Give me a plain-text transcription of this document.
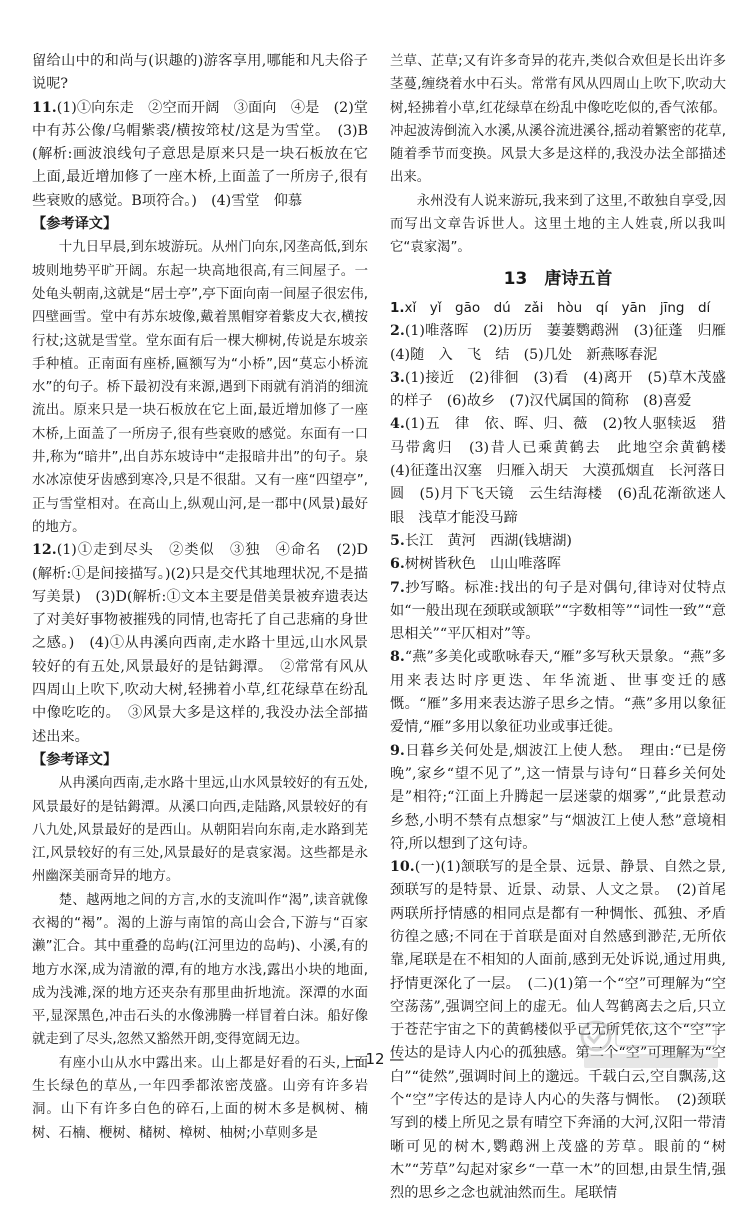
留给山中的和尚与(识趣的)游客享用,哪能和凡夫俗子说呢?

11.(1)①向东走　②空而开阔　③面向　④是　(2)堂中有苏公像/乌帽紫裘/横按筇杖/这是为雪堂。　(3)B(解析:画波浪线句子意思是原来只是一块石板放在它上面,最近增加修了一座木桥,上面盖了一所房子,很有些衰败的感觉。B项符合。)　(4)雪堂　仰慕

【参考译文】

十九日早晨,到东坡游玩。从州门向东,冈垄高低,到东坡则地势平旷开阔。东起一块高地很高,有三间屋子。一处龟头朝南,这就是“居士亭”,亭下面向南一间屋子很宏伟,四壁画雪。堂中有苏东坡像,戴着黑帽穿着紫皮大衣,横按行杖;这就是雪堂。堂东面有后一棵大柳树,传说是东坡亲手种植。正南面有座桥,匾额写为“小桥”,因“莫忘小桥流水”的句子。桥下最初没有来源,遇到下雨就有消消的细流流出。原来只是一块石板放在它上面,最近增加修了一座木桥,上面盖了一所房子,很有些衰败的感觉。东面有一口井,称为“暗井”,出自苏东坡诗中“走报暗井出”的句子。泉水冰凉使牙齿感到寒冷,只是不很甜。又有一座“四望亭”,正与雪堂相对。在高山上,纵观山河,是一郡中(风景)最好的地方。

12.(1)①走到尽头　②类似　③独　④命名　(2)D(解析:①是间接描写。)(2)只是交代其地理状况,不是描写美景)　(3)D(解析:①文本主要是借美景被弃遗表达了对美好事物被摧残的同情,也寄托了自己悲痛的身世之感。)　(4)①从冉溪向西南,走水路十里远,山水风景较好的有五处,风景最好的是钴鉧潭。　②常常有风从四周山上吹下,吹动大树,轻拂着小草,红花绿草在纷乱中像吃吃的。　③风景大多是这样的,我没办法全部描述出来。

【参考译文】

从冉溪向西南,走水路十里远,山水风景较好的有五处,风景最好的是钴鉧潭。从溪口向西,走陆路,风景较好的有八九处,风景最好的是西山。从朝阳岩向东南,走水路到芜江,风景较好的有三处,风景最好的是袁家渴。这些都是永州幽深美丽奇异的地方。

楚、越两地之间的方言,水的支流叫作“渴”,读音就像衣褐的“褐”。渴的上游与南馆的高山会合,下游与“百家濑”汇合。其中重叠的岛屿(江河里边的岛屿)、小溪,有的地方水深,成为清澈的潭,有的地方水浅,露出小块的地面,成为浅滩,深的地方还夹杂有那里曲折地流。深潭的水面平,显深黑色,冲击石头的水像沸腾一样冒着白沫。船好像就走到了尽头,忽然又豁然开朗,变得宽阔无边。

有座小山从水中露出来。山上都是好看的石头,上面生长绿色的草丛,一年四季都浓密茂盛。山旁有许多岩洞。山下有许多白色的碎石,上面的树木多是枫树、楠树、石楠、楩树、槠树、樟树、柚树;小草则多是

兰草、芷草;又有许多奇异的花卉,类似合欢但是长出许多茎蔓,缠绕着水中石头。常常有风从四周山上吹下,吹动大树,轻拂着小草,红花绿草在纷乱中像吃吃似的,香气浓郁。冲起波涛倒流入水溪,从溪谷流进溪谷,摇动着繁密的花草,随着季节而变换。风景大多是这样的,我没办法全部描述出来。

永州没有人说来游玩,我来到了这里,不敢独自享受,因而写出文章告诉世人。这里土地的主人姓袁,所以我叫它“袁家渴”。

13　唐诗五首

1.xǐ　yǐ　gāo　dú　zǎi　hòu　qí　yān　jīng　dí

2.(1)唯落晖　(2)历历　萋萋鹦鹉洲　(3)征蓬　归雁　(4)随　入　飞　结　(5)几处　新燕啄春泥

3.(1)接近　(2)徘徊　(3)看　(4)离开　(5)草木茂盛的样子　(6)故乡　(7)汉代属国的简称　(8)喜爱

4.(1)五　律　依、晖、归、薇　(2)牧人驱犊返　猎马带禽归　(3)昔人已乘黄鹤去　此地空余黄鹤楼　(4)征蓬出汉塞　归雁入胡天　大漠孤烟直　长河落日圆　(5)月下飞天镜　云生结海楼　(6)乱花渐欲迷人眼　浅草才能没马蹄

5.长江　黄河　西湖(钱塘湖)

6.树树皆秋色　山山唯落晖

7.抄写略。标准:找出的句子是对偶句,律诗对仗特点如“一般出现在颈联或颔联”“字数相等”“词性一致”“意思相关”“平仄相对”等。

8.“燕”多美化或歌咏春天,“雁”多写秋天景象。“燕”多用来表达时序更迭、年华流逝、世事变迁的感慨。“雁”多用来表达游子思乡之情。“燕”多用以象征爱情,“雁”多用以象征功业或事迁徙。

9.日暮乡关何处是,烟波江上使人愁。　理由:“已是傍晚”,家乡“望不见了”,这一情景与诗句“日暮乡关何处是”相符;“江面上升腾起一层迷蒙的烟雾”,“此景惹动乡愁,小明不禁有点想家”与“烟波江上使人愁”意境相符,所以想到了这句诗。

10.(一)(1)颔联写的是全景、远景、静景、自然之景,颈联写的是特景、近景、动景、人文之景。　(2)首尾两联所抒情感的相同点是都有一种惆怅、孤独、矛盾彷徨之感;不同在于首联是面对自然感到渺茫,无所依靠,尾联是在不相知的人面前,感到无处诉说,通过用典,抒情更深化了一层。　(二)(1)第一个“空”可理解为“空空荡荡”,强调空间上的虚无。仙人驾鹤离去之后,只立于苍茫宇宙之下的黄鹤楼似乎已无所凭依,这个“空”字传达的是诗人内心的孤独感。第二个“空”可理解为“空白”“徒然”,强调时间上的邈远。千载白云,空自飘荡,这个“空”字传达的是诗人内心的失落与惆怅。　(2)颈联写到的楼上所见之景有晴空下奔涌的大河,汉阳一带清晰可见的树木,鹦鹉洲上茂盛的芳草。眼前的“树木”“芳草”勾起对家乡“一草一木”的回想,由景生情,强烈的思乡之念也就油然而生。尾联情

— 12 —
